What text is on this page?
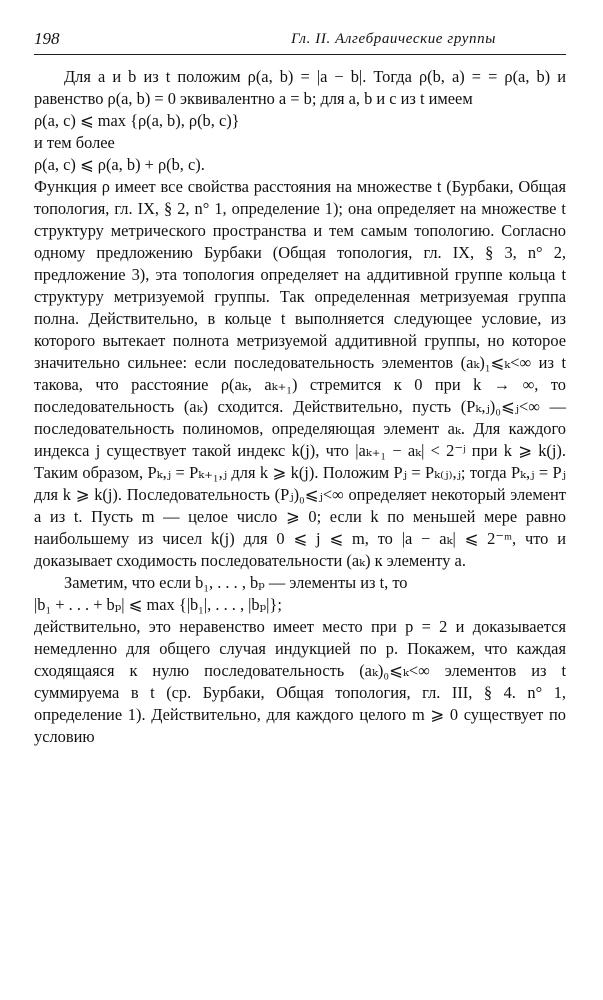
198	Гл. II. Алгебраические группы

Для a и b из t положим ρ(a, b) = |a − b|. Тогда ρ(b, a) = = ρ(a, b) и равенство ρ(a, b) = 0 эквивалентно a = b; для a, b и c из t имеем

ρ(a, c) ⩽ max {ρ(a, b), ρ(b, c)}

и тем более

ρ(a, c) ⩽ ρ(a, b) + ρ(b, c).

Функция ρ имеет все свойства расстояния на множестве t (Бурбаки, Общая топология, гл. IX, § 2, n° 1, определение 1); она определяет на множестве t структуру метрического пространства и тем самым топологию. Согласно одному предложению Бурбаки (Общая топология, гл. IX, § 3, n° 2, предложение 3), эта топология определяет на аддитивной группе кольца t структуру метризуемой группы. Так определенная метризуемая группа полна. Действительно, в кольце t выполняется следующее условие, из которого вытекает полнота метризуемой аддитивной группы, но которое значительно сильнее: если последовательность элементов (aₖ)₁⩽ₖ<∞ из t такова, что расстояние ρ(aₖ, aₖ₊₁) стремится к 0 при k → ∞, то последовательность (aₖ) сходится. Действительно, пусть (Pₖ,ⱼ)₀⩽ⱼ<∞ — последовательность полиномов, определяющая элемент aₖ. Для каждого индекса j существует такой индекс k(j), что |aₖ₊₁ − aₖ| < 2⁻ʲ при k ⩾ k(j). Таким образом, Pₖ,ⱼ = Pₖ₊₁,ⱼ для k ⩾ k(j). Положим Pⱼ = Pₖ₍ⱼ₎,ⱼ; тогда Pₖ,ⱼ = Pⱼ для k ⩾ k(j). Последовательность (Pⱼ)₀⩽ⱼ<∞ определяет некоторый элемент a из t. Пусть m — целое число ⩾ 0; если k по меньшей мере равно наибольшему из чисел k(j) для 0 ⩽ j ⩽ m, то |a − aₖ| ⩽ 2⁻ᵐ, что и доказывает сходимость последовательности (aₖ) к элементу a.

Заметим, что если b₁, . . . , bₚ — элементы из t, то

|b₁ + . . . + bₚ| ⩽ max {|b₁|, . . . , |bₚ|};

действительно, это неравенство имеет место при p = 2 и доказывается немедленно для общего случая индукцией по p. Покажем, что каждая сходящаяся к нулю последовательность (aₖ)₀⩽ₖ<∞ элементов из t суммируема в t (ср. Бурбаки, Общая топология, гл. III, § 4. n° 1, определение 1). Действительно, для каждого целого m ⩾ 0 существует по условию
